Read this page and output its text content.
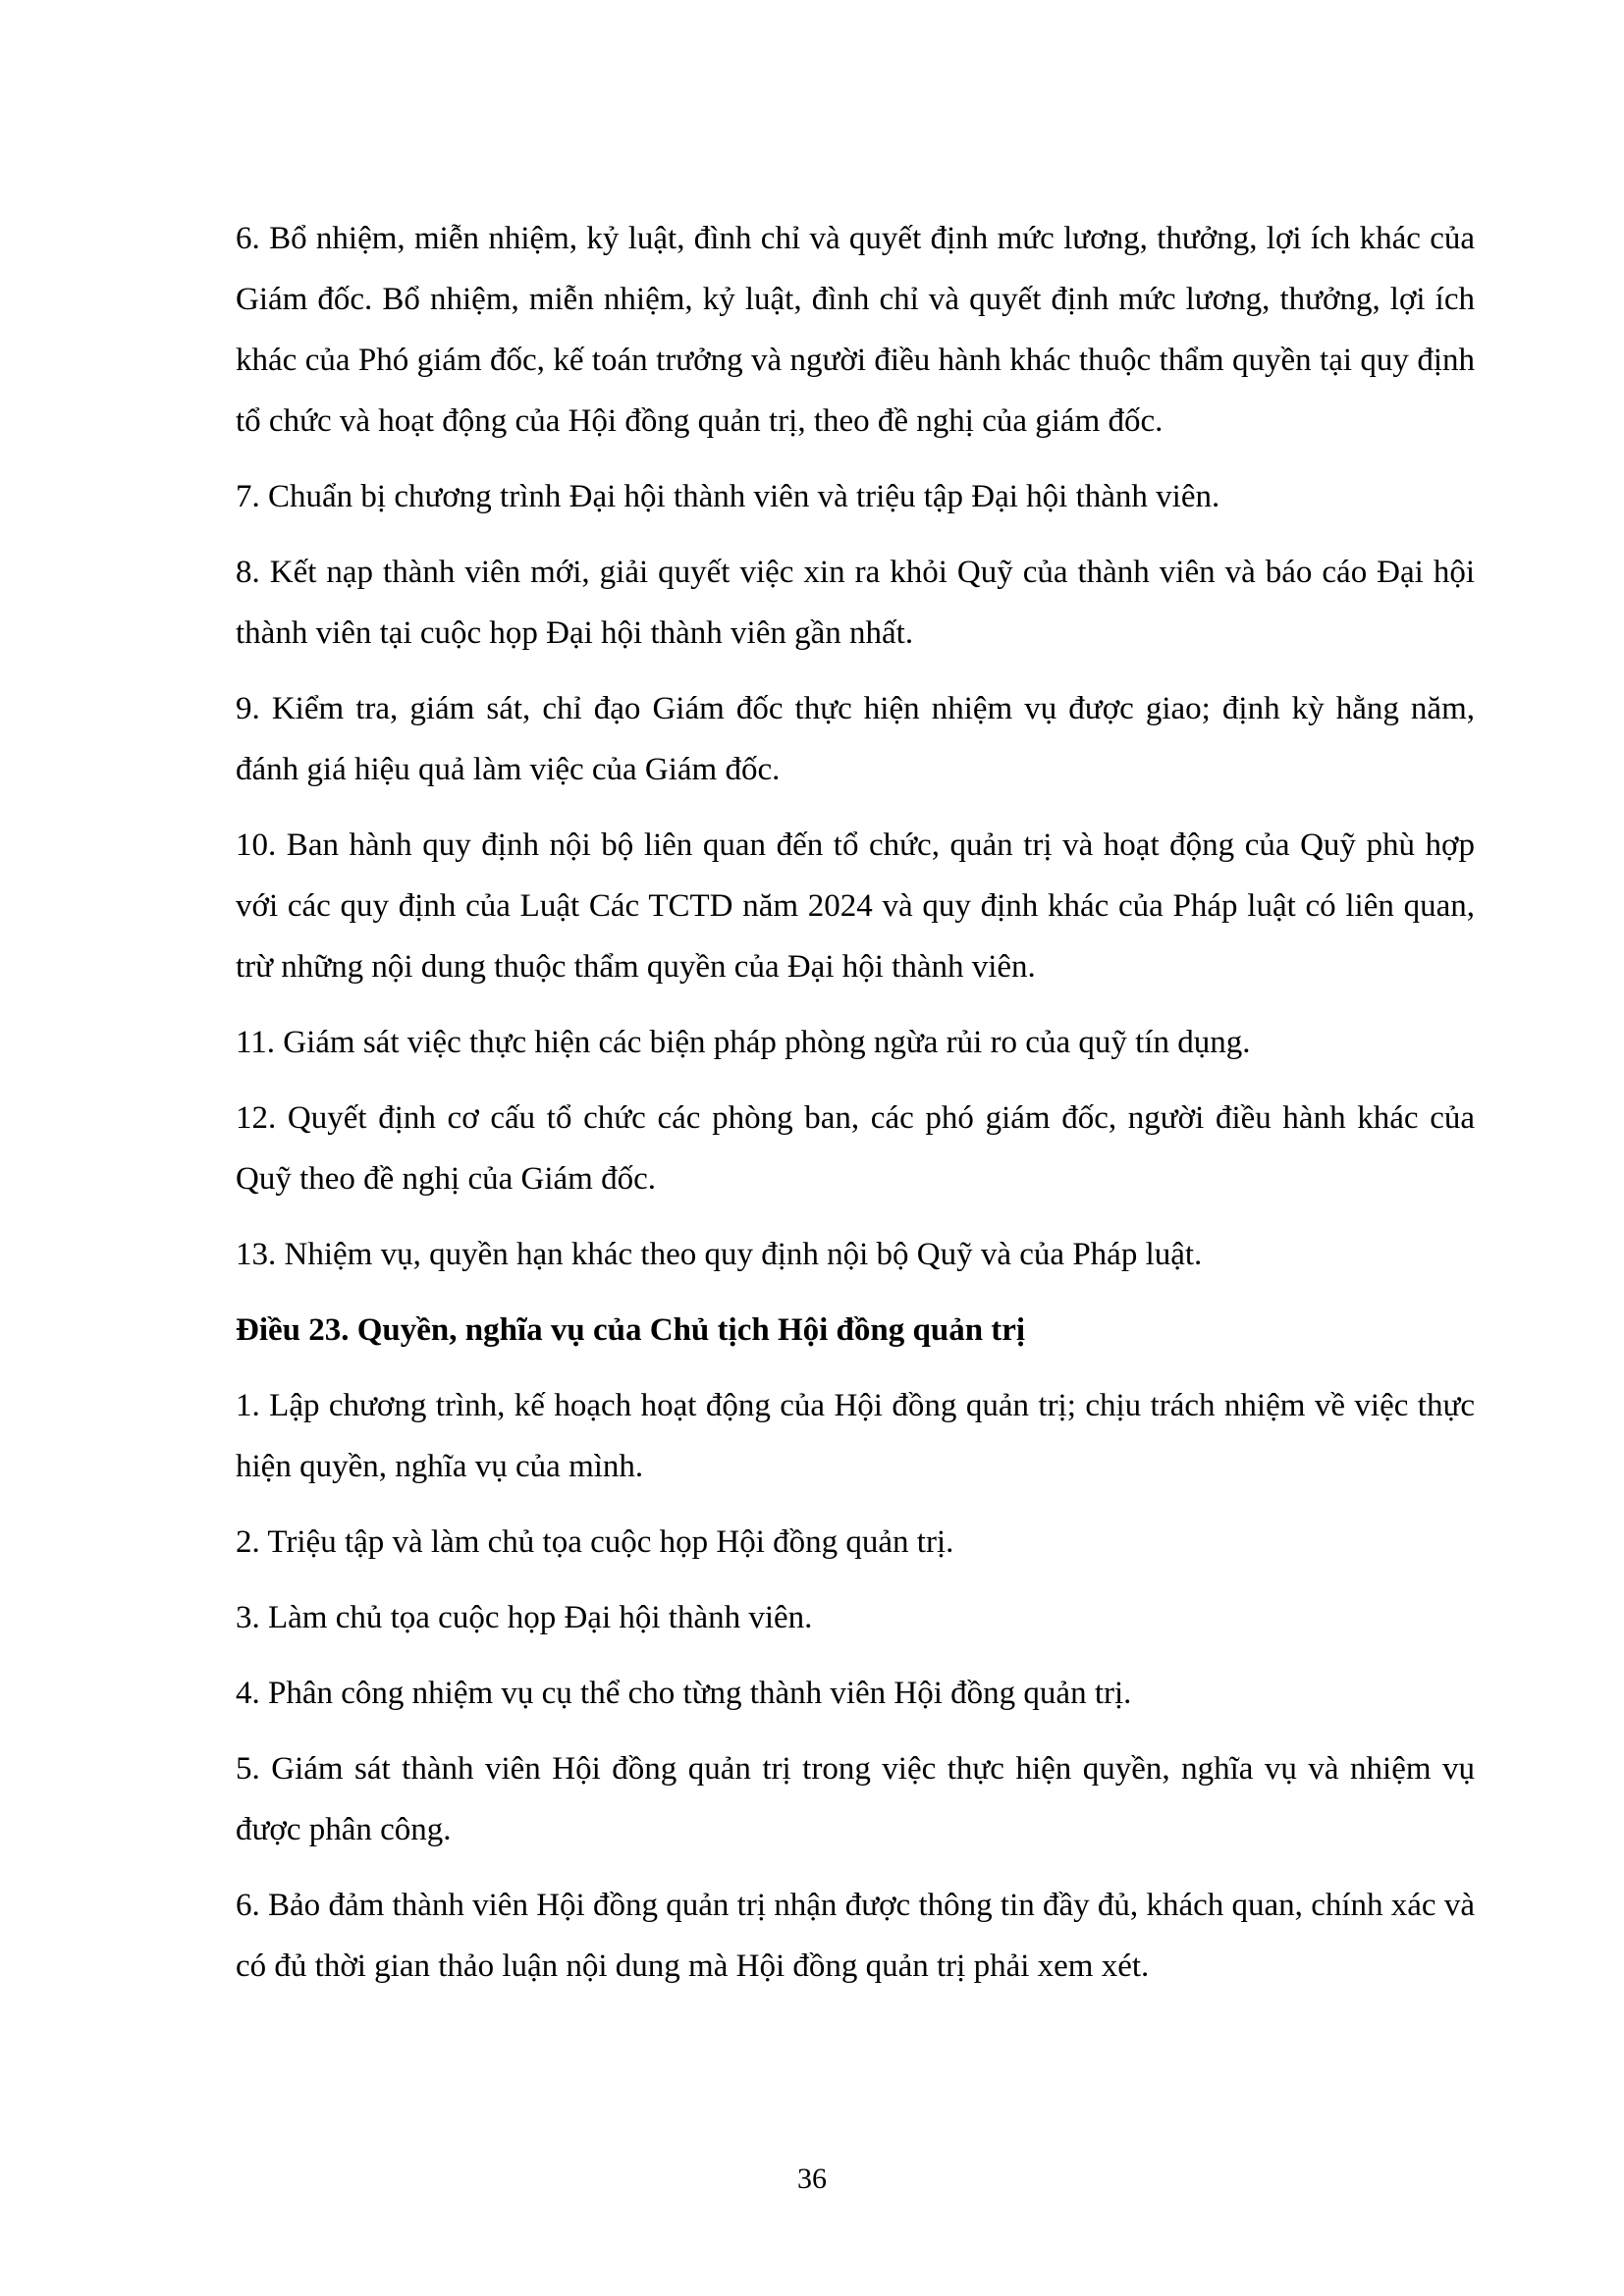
6. Bổ nhiệm, miễn nhiệm, kỷ luật, đình chỉ và quyết định mức lương, thưởng, lợi ích khác của Giám đốc. Bổ nhiệm, miễn nhiệm, kỷ luật, đình chỉ và quyết định mức lương, thưởng, lợi ích khác của Phó giám đốc, kế toán trưởng và người điều hành khác thuộc thẩm quyền tại quy định tổ chức và hoạt động của Hội đồng quản trị, theo đề nghị của giám đốc.

7. Chuẩn bị chương trình Đại hội thành viên và triệu tập Đại hội thành viên.

8. Kết nạp thành viên mới, giải quyết việc xin ra khỏi Quỹ của thành viên và báo cáo Đại hội thành viên tại cuộc họp Đại hội thành viên gần nhất.

9. Kiểm tra, giám sát, chỉ đạo Giám đốc thực hiện nhiệm vụ được giao; định kỳ hằng năm, đánh giá hiệu quả làm việc của Giám đốc.

10. Ban hành quy định nội bộ liên quan đến tổ chức, quản trị và hoạt động của Quỹ phù hợp với các quy định của Luật Các TCTD năm 2024 và quy định khác của Pháp luật có liên quan, trừ những nội dung thuộc thẩm quyền của Đại hội thành viên.

11. Giám sát việc thực hiện các biện pháp phòng ngừa rủi ro của quỹ tín dụng.

12. Quyết định cơ cấu tổ chức các phòng ban, các phó giám đốc, người điều hành khác của Quỹ theo đề nghị của Giám đốc.

13. Nhiệm vụ, quyền hạn khác theo quy định nội bộ Quỹ và của Pháp luật.

Điều 23. Quyền, nghĩa vụ của Chủ tịch Hội đồng quản trị

1. Lập chương trình, kế hoạch hoạt động của Hội đồng quản trị; chịu trách nhiệm về việc thực hiện quyền, nghĩa vụ của mình.

2. Triệu tập và làm chủ tọa cuộc họp Hội đồng quản trị.

3. Làm chủ tọa cuộc họp Đại hội thành viên.

4. Phân công nhiệm vụ cụ thể cho từng thành viên Hội đồng quản trị.

5. Giám sát thành viên Hội đồng quản trị trong việc thực hiện quyền, nghĩa vụ và nhiệm vụ được phân công.

6. Bảo đảm thành viên Hội đồng quản trị nhận được thông tin đầy đủ, khách quan, chính xác và có đủ thời gian thảo luận nội dung mà Hội đồng quản trị phải xem xét.

36
